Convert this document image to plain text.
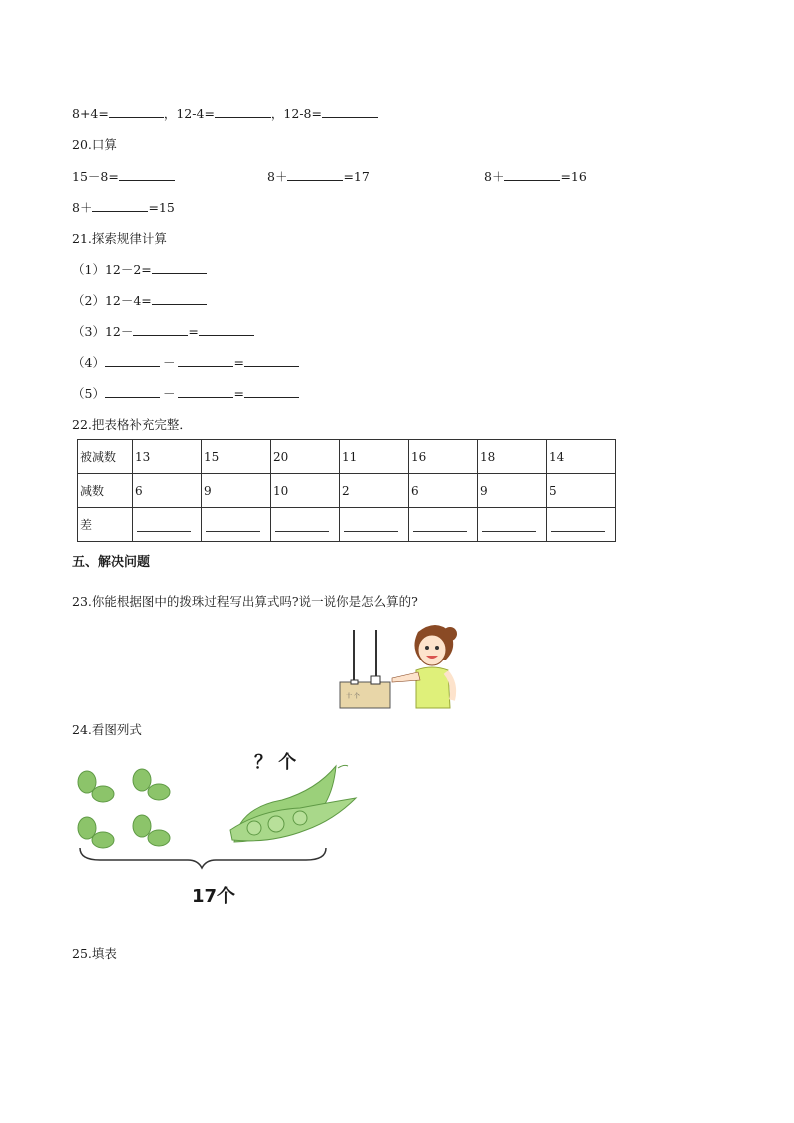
8+4=	，12-4=	，12-8=
20.口算
15－8=	8＋	=17	8＋	=16
8＋	=15
21.探索规律计算
（1）12－2=
（2）12－4=
（3）12－	=
（4）	－	=
（5）	－	=
22.把表格补充完整．
被减数	13	15	20	11	16	18	14
减数	6	9	10	2	6	9	5
差	

五、解决问题
23.你能根据图中的拨珠过程写出算式吗?说一说你是怎么算的?
十 个
24.看图列式
？ 个
17个
25.填表
